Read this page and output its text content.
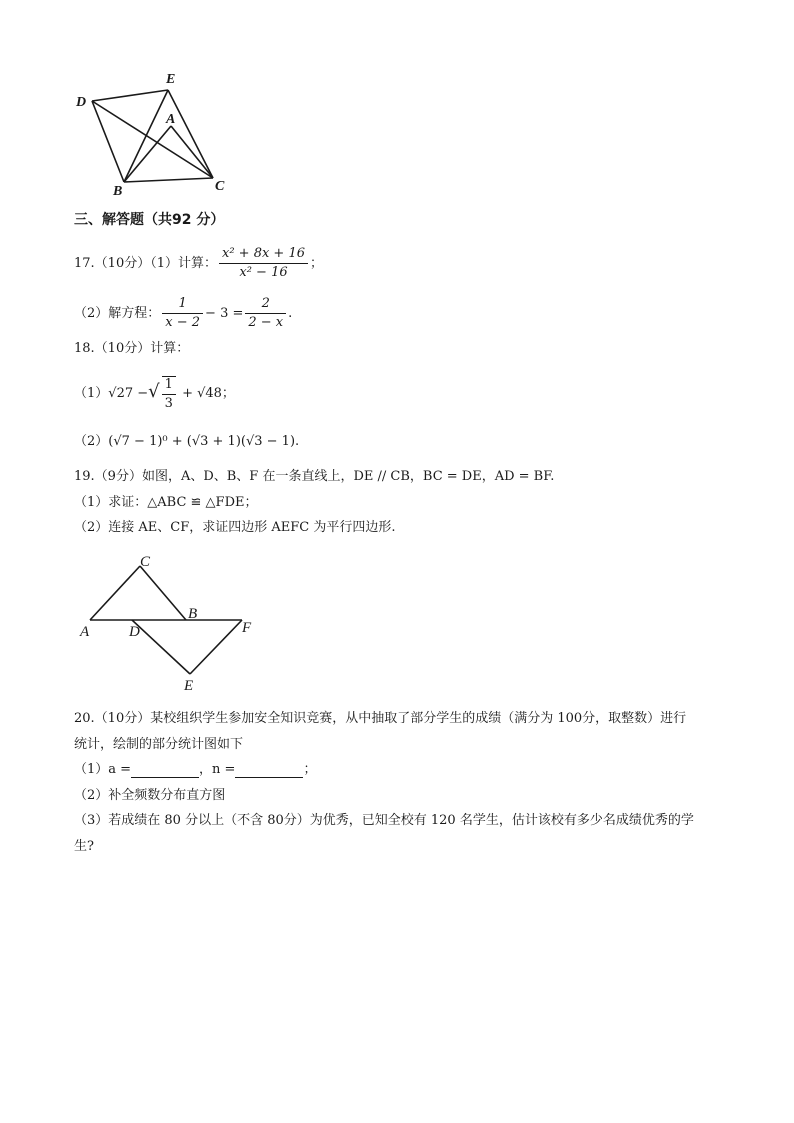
D
E
A
B	C
三、解答题（共92 分）
17.（10分）（1）计算： $\frac{\text{x² + 8x + 16}}{\text{x² − 16}}$ ；
（2）解方程： $\frac{1}{x - 2} - 3 = \frac{2}{2 - x}$ .
18.（10分）计算：
（1）√27 −√ $\frac{1}{3} + √48$；
（2）(√7 − 1)⁰ + (√3 + 1)(√3 − 1).
19.（9分）如图，A、D、B、F 在一条直线上，DE // CB，BC = DE，AD = BF.
（1）求证：△ABC ≌ △FDE；
（2）连接 AE、CF，求证四边形 AEFC 为平行四边形.
C
B
A	D	F
E
20.（10分）某校组织学生参加安全知识竞赛，从中抽取了部分学生的成绩（满分为 100分，取整数）进行
统计，绘制的部分统计图如下
（1）a =	，n =	；
（2）补全频数分布直方图
（3）若成绩在 80 分以上（不含 80分）为优秀，已知全校有 120 名学生，估计该校有多少名成绩优秀的学
生?
